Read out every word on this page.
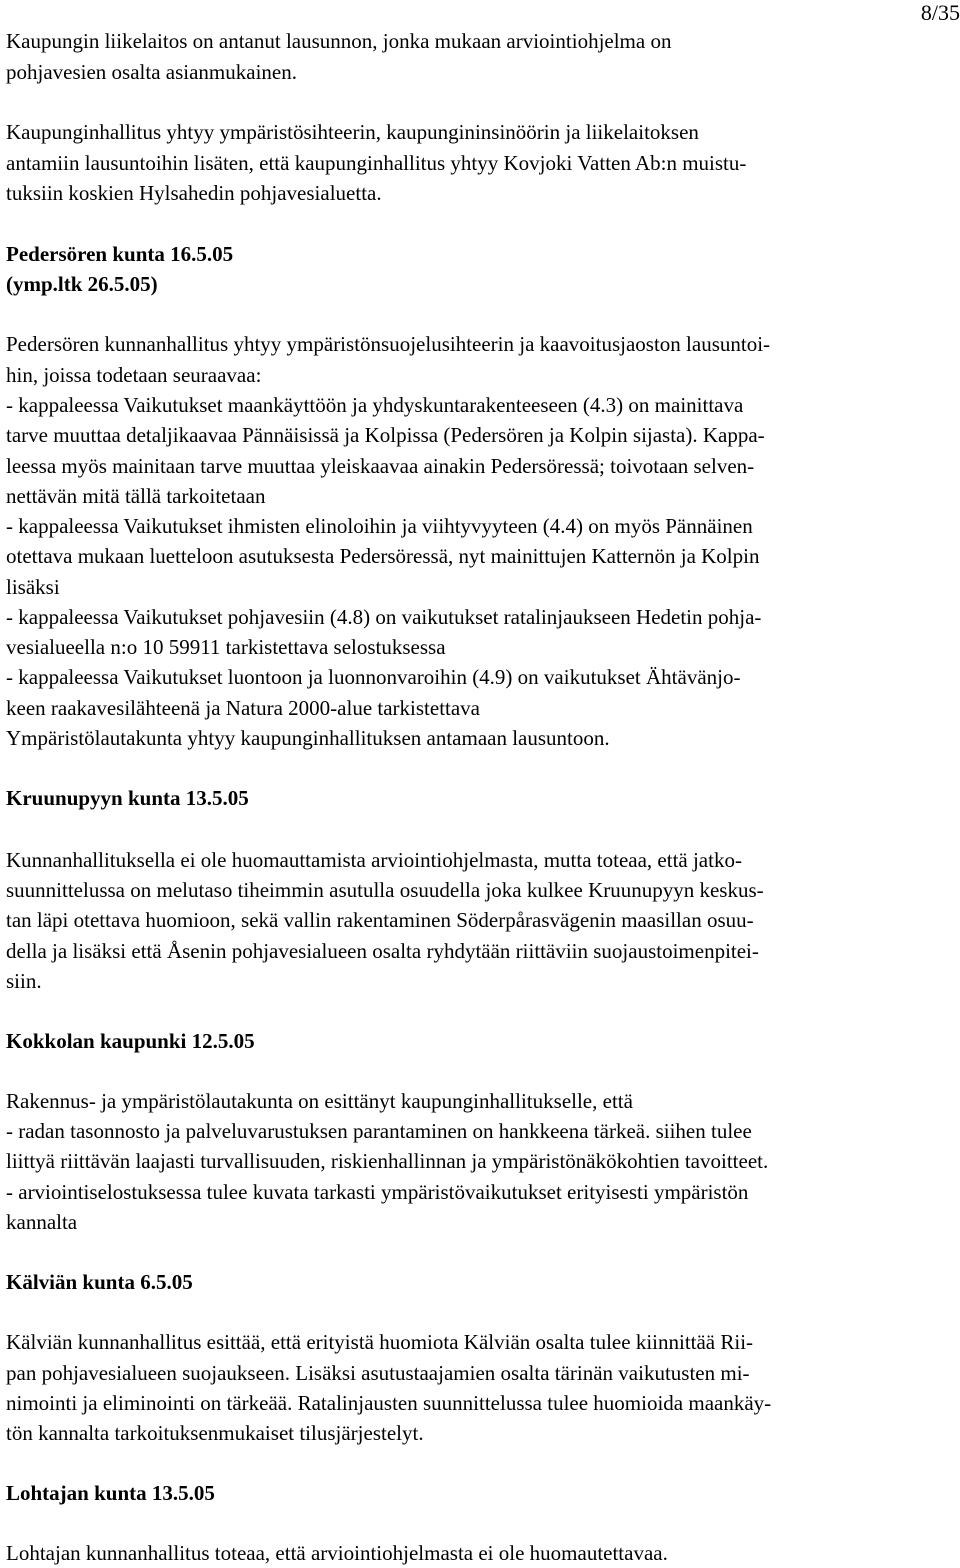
8/35
Kaupungin liikelaitos on antanut lausunnon, jonka mukaan arviointiohjelma on
pohjavesien osalta asianmukainen.
Kaupunginhallitus yhtyy ympäristösihteerin, kaupungininsinöörin ja liikelaitoksen
antamiin lausuntoihin lisäten, että kaupunginhallitus yhtyy Kovjoki Vatten Ab:n muistu-
tuksiin koskien Hylsahedin pohjavesialuetta.
Pedersören kunta 16.5.05
(ymp.ltk 26.5.05)
Pedersören kunnanhallitus yhtyy ympäristönsuojelusihteerin ja kaavoitusjaoston lausuntoi-
hin, joissa todetaan seuraavaa:
- kappaleessa Vaikutukset maankäyttöön ja yhdyskuntarakenteeseen (4.3) on mainittava
tarve muuttaa detaljikaavaa Pännäisissä ja Kolpissa (Pedersören ja Kolpin sijasta). Kappa-
leessa myös mainitaan tarve muuttaa yleiskaavaa ainakin Pedersöressä; toivotaan selven-
nettävän mitä tällä tarkoitetaan
- kappaleessa Vaikutukset ihmisten elinoloihin ja viihtyvyyteen (4.4) on myös Pännäinen
otettava mukaan luetteloon asutuksesta Pedersöressä, nyt mainittujen Katternön ja Kolpin
lisäksi
- kappaleessa Vaikutukset pohjavesiin (4.8) on vaikutukset ratalinjaukseen Hedetin pohja-
vesialueella n:o 10 59911 tarkistettava selostuksessa
- kappaleessa Vaikutukset luontoon ja luonnonvaroihin (4.9) on vaikutukset Ähtävänjo-
keen raakavesilähteenä ja Natura 2000-alue tarkistettava
Ympäristölautakunta yhtyy kaupunginhallituksen antamaan lausuntoon.
Kruunupyyn kunta 13.5.05
Kunnanhallituksella ei ole huomauttamista arviointiohjelmasta, mutta toteaa, että jatko-
suunnittelussa on melutaso tiheimmin asutulla osuudella joka kulkee Kruunupyyn keskus-
tan läpi otettava huomioon, sekä vallin rakentaminen Söderpårasvägenin maasillan osuu-
della ja lisäksi että Åsenin pohjavesialueen osalta ryhdytään riittäviin suojaustoimenpitei-
siin.
Kokkolan kaupunki 12.5.05
Rakennus- ja ympäristölautakunta on esittänyt kaupunginhallitukselle, että
- radan tasonnosto ja palveluvarustuksen parantaminen on hankkeena tärkeä. siihen tulee
liittyä riittävän laajasti turvallisuuden, riskienhallinnan ja ympäristönäkökohtien tavoitteet.
- arviointiselostuksessa tulee kuvata tarkasti ympäristövaikutukset erityisesti ympäristön
kannalta
Kälviän kunta 6.5.05
Kälviän kunnanhallitus esittää, että erityistä huomiota Kälviän osalta tulee kiinnittää Rii-
pan pohjavesialueen suojaukseen. Lisäksi asutustaajamien osalta tärinän vaikutusten mi-
nimointi ja eliminointi on tärkeää. Ratalinjausten suunnittelussa tulee huomioida maankäy-
tön kannalta tarkoituksenmukaiset tilusjärjestelyt.
Lohtajan kunta 13.5.05
Lohtajan kunnanhallitus toteaa, että arviointiohjelmasta ei ole huomautettavaa.
